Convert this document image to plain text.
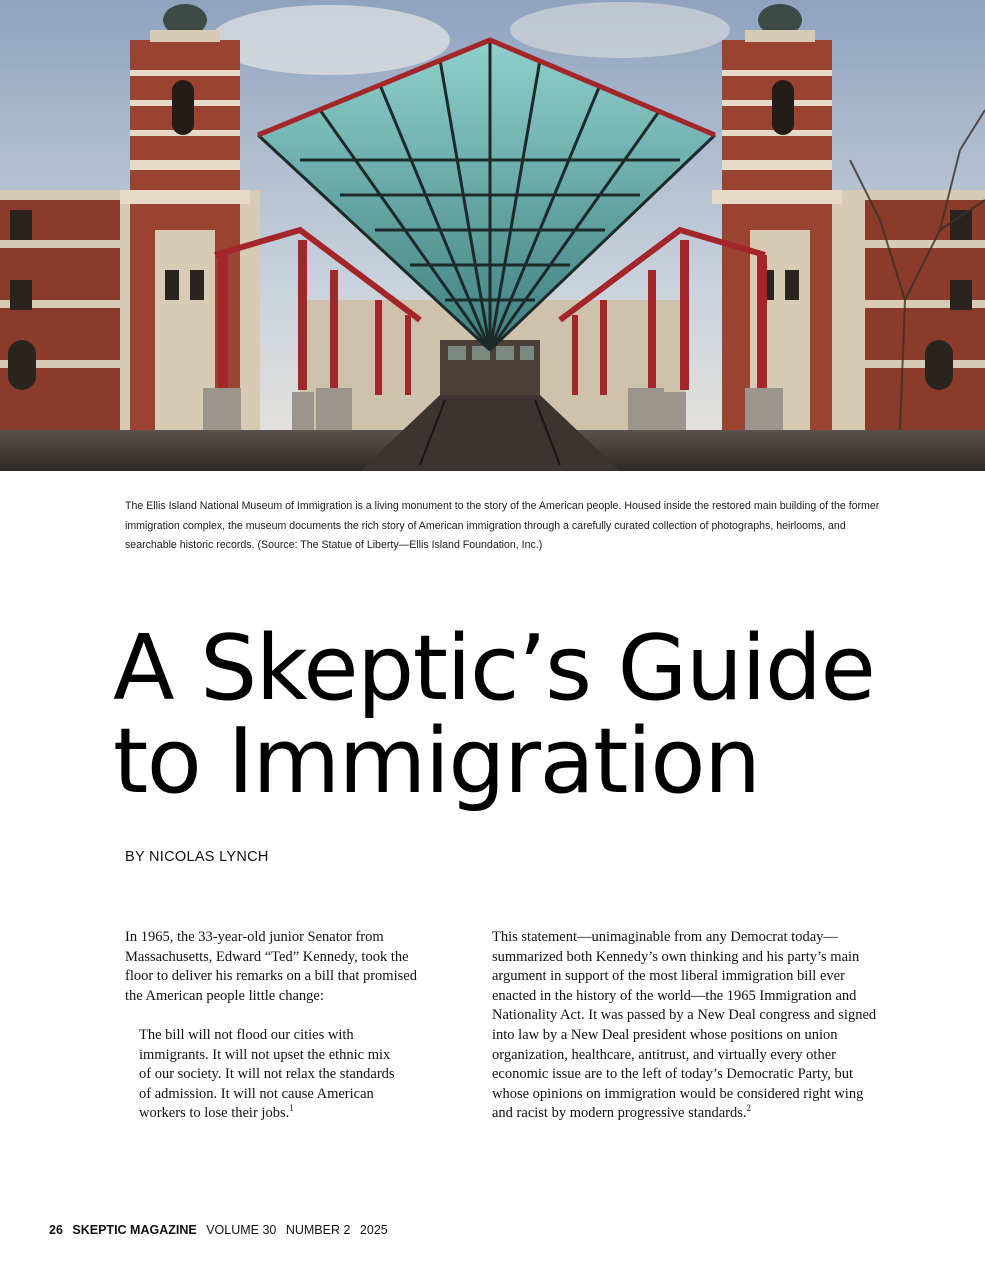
The Ellis Island National Museum of Immigration is a living monument to the story of the American people. Housed inside the restored main building of the former immigration complex, the museum documents the rich story of American immigration through a carefully curated collection of photographs, heirlooms, and searchable historic records. (Source: The Statue of Liberty—Ellis Island Foundation, Inc.)

A Skeptic’s Guide
to Immigration
BY NICOLAS LYNCH

In 1965, the 33-year-old junior Senator from Massachusetts, Edward “Ted” Kennedy, took the floor to deliver his remarks on a bill that promised the American people little change:

The bill will not flood our cities with immigrants. It will not upset the ethnic mix of our society. It will not relax the standards of admission. It will not cause American workers to lose their jobs.$^1$

This statement—unimaginable from any Democrat today—summarized both Kennedy’s own thinking and his party’s main argument in support of the most liberal immigration bill ever enacted in the history of the world—the 1965 Immigration and Nationality Act. It was passed by a New Deal congress and signed into law by a New Deal president whose positions on union organization, healthcare, antitrust, and virtually every other economic issue are to the left of today’s Democratic Party, but whose opinions on immigration would be considered right wing and racist by modern progressive standards.$^2$

26 SKEPTIC MAGAZINE VOLUME 30 NUMBER 2 2025
